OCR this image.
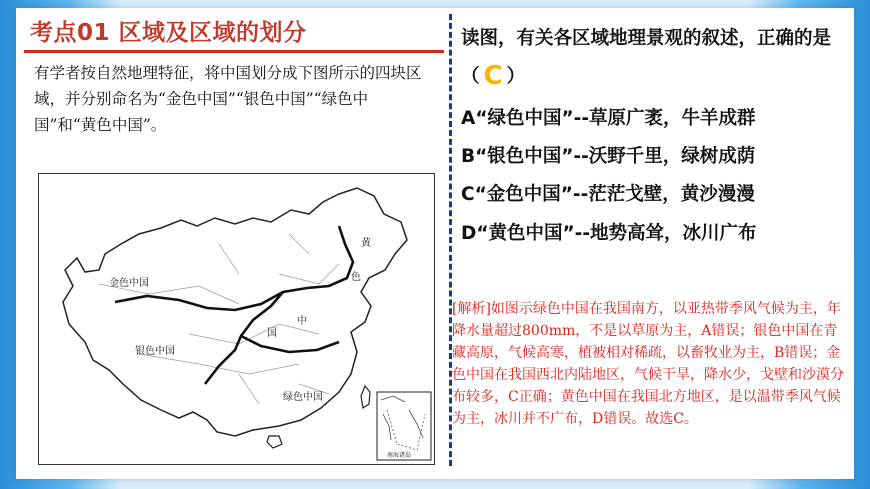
考点01 区域及区域的划分
有学者按自然地理特征，将中国划分成下图所示的四块区域，并分别命名为“金色中国”“银色中国”“绿色中国”和“黄色中国”。
金色中国
银色中国
绿色中国
黄
色
中
国
南海诸岛
读图，有关各区域地理景观的叙述，正确的是（ C ）
A“绿色中国”--草原广袤，牛羊成群
B“银色中国”--沃野千里，绿树成荫
C“金色中国”--茫茫戈壁，黄沙漫漫
D“黄色中国”--地势高耸，冰川广布
[解析]如图示绿色中国在我国南方，以亚热带季风气候为主，年降水量超过800mm，不是以草原为主，A错误；银色中国在青藏高原，气候高寒，植被相对稀疏，以畜牧业为主，B错误；金色中国在我国西北内陆地区，气候干旱，降水少，戈壁和沙漠分布较多，C正确；黄色中国在我国北方地区，是以温带季风气候为主，冰川并不广布，D错误。故选C。
